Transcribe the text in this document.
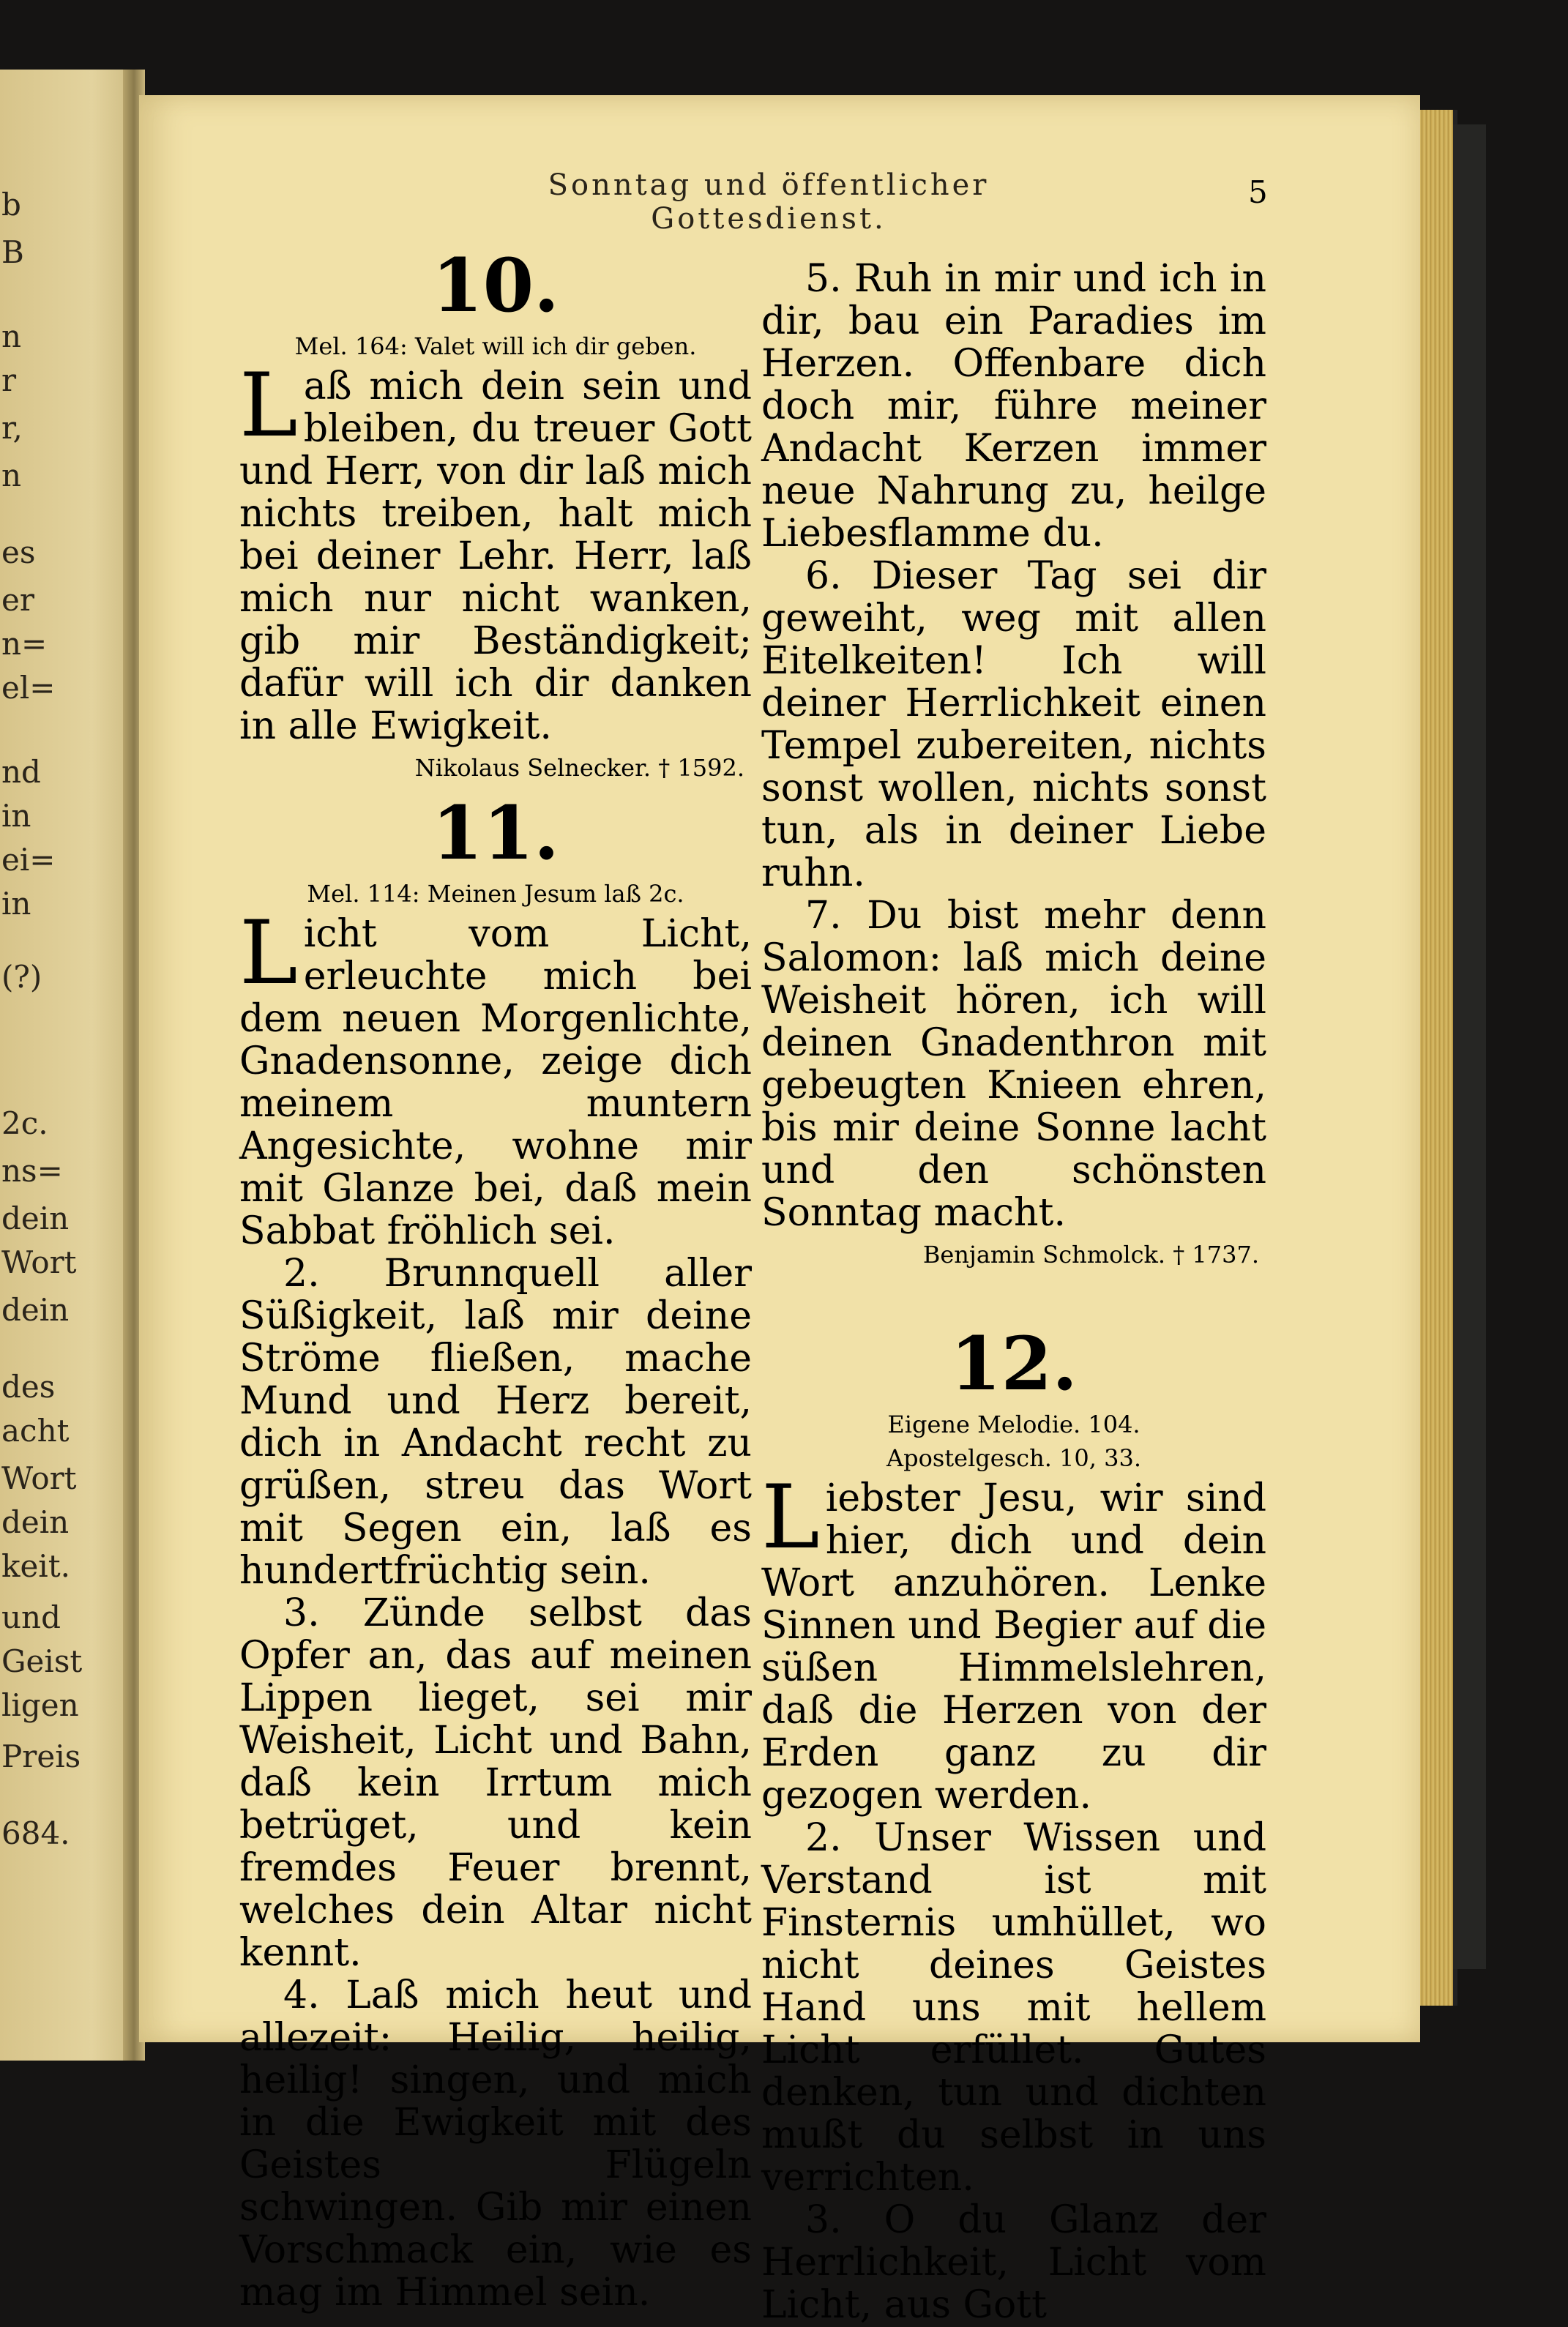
b
B
n
r
r,
n
es
er
n=
el=
nd
in
ei=
in
(?)
2c.
ns=
dein
Wort
dein
des
acht
Wort
dein
keit.
und
Geist
ligen
Preis
684.
Sonntag und öffentlicher Gottesdienst.
5
10.
Mel. 164: Valet will ich dir geben.

Laß mich dein sein und bleiben, du treuer Gott und Herr, von dir laß mich nichts treiben, halt mich bei deiner Lehr. Herr, laß mich nur nicht wanken, gib mir Beständigkeit; dafür will ich dir danken in alle Ewigkeit.

Nikolaus Selnecker. † 1592.
11.
Mel. 114: Meinen Jesum laß 2c.

Licht vom Licht, erleuchte mich bei dem neuen Morgenlichte, Gnadensonne, zeige dich meinem muntern Angesichte, wohne mir mit Glanze bei, daß mein Sabbat fröhlich sei.

2. Brunnquell aller Süßigkeit, laß mir deine Ströme fließen, mache Mund und Herz bereit, dich in Andacht recht zu grüßen, streu das Wort mit Segen ein, laß es hundertfrüchtig sein.

3. Zünde selbst das Opfer an, das auf meinen Lippen lieget, sei mir Weisheit, Licht und Bahn, daß kein Irrtum mich betrüget, und kein fremdes Feuer brennt, welches dein Altar nicht kennt.

4. Laß mich heut und allezeit: Heilig, heilig, heilig! singen, und mich in die Ewigkeit mit des Geistes Flügeln schwingen. Gib mir einen Vorschmack ein, wie es mag im Himmel sein.

5. Ruh in mir und ich in dir, bau ein Paradies im Herzen. Offenbare dich doch mir, führe meiner Andacht Kerzen immer neue Nahrung zu, heilge Liebesflamme du.

6. Dieser Tag sei dir geweiht, weg mit allen Eitelkeiten! Ich will deiner Herrlichkeit einen Tempel zubereiten, nichts sonst wollen, nichts sonst tun, als in deiner Liebe ruhn.

7. Du bist mehr denn Salomon: laß mich deine Weisheit hören, ich will deinen Gnadenthron mit gebeugten Knieen ehren, bis mir deine Sonne lacht und den schönsten Sonntag macht.

Benjamin Schmolck. † 1737.
12.
Eigene Melodie. 104.
Apostelgesch. 10, 33.

Liebster Jesu, wir sind hier, dich und dein Wort anzuhören. Lenke Sinnen und Begier auf die süßen Himmelslehren, daß die Herzen von der Erden ganz zu dir gezogen werden.

2. Unser Wissen und Verstand ist mit Finsternis umhüllet, wo nicht deines Geistes Hand uns mit hellem Licht erfüllet. Gutes denken, tun und dichten mußt du selbst in uns verrichten.

3. O du Glanz der Herrlichkeit, Licht vom Licht, aus Gott
